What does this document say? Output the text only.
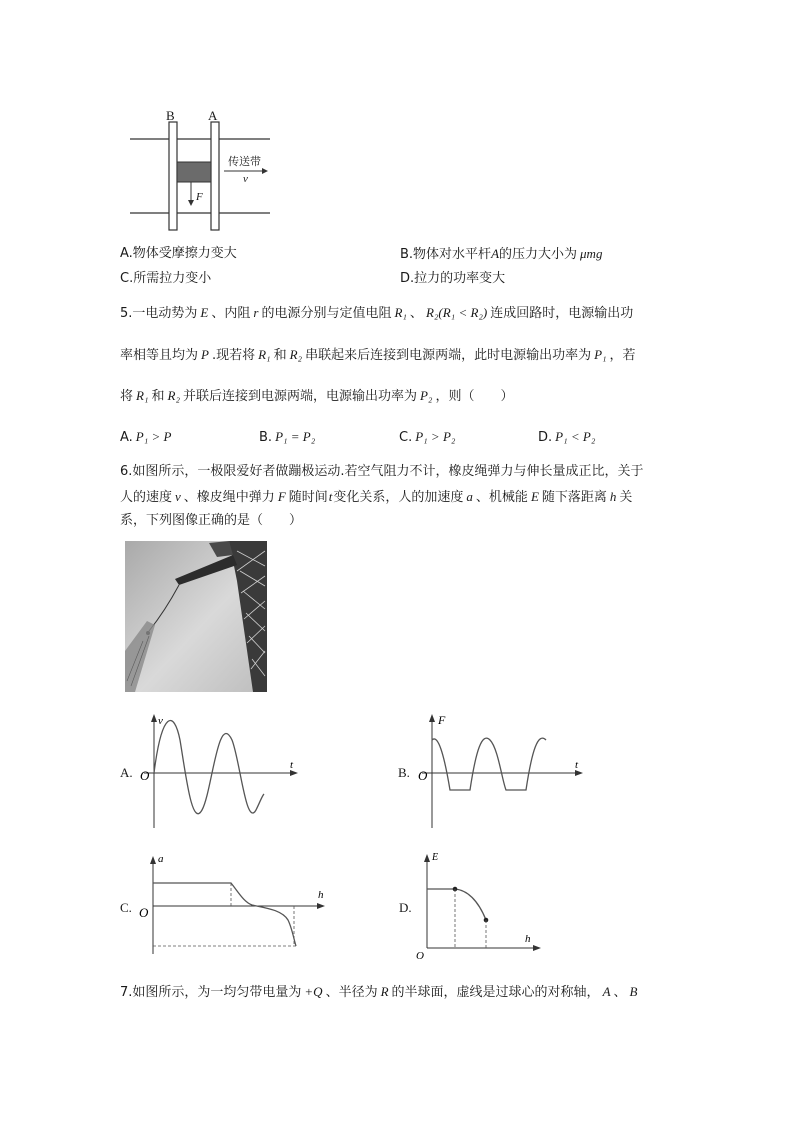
B	A
传送带
v
F
A.物体受摩擦力变大	B.物体对水平杆A的压力大小为 μmg
C.所需拉力变小	D.拉力的功率变大
5.一电动势为 E 、内阻 r 的电源分别与定值电阻 R₁ 、 R₂(R₁ < R₂) 连成回路时，电源输出功
率相等且均为 P .现若将 R₁ 和 R₂ 串联起来后连接到电源两端，此时电源输出功率为 P₁ ，若
将 R₁ 和 R₂ 并联后连接到电源两端，电源输出功率为 P₂ ，则（　　）
A. P₁ > P	B. P₁ = P₂	C. P₁ > P₂	D. P₁ < P₂
6.如图所示，一极限爱好者做蹦极运动.若空气阻力不计，橡皮绳弹力与伸长量成正比，关于
人的速度 v 、橡皮绳中弹力 F 随时间t变化关系，人的加速度 a 、机械能 E 随下落距离 h 关
系，下列图像正确的是（　　）
A.
v
t
O	B.
F
t
O
C.
a
h
O	D.
E
h
O
7.如图所示，为一均匀带电量为 +Q 、半径为 R 的半球面，虚线是过球心的对称轴， A 、 B
